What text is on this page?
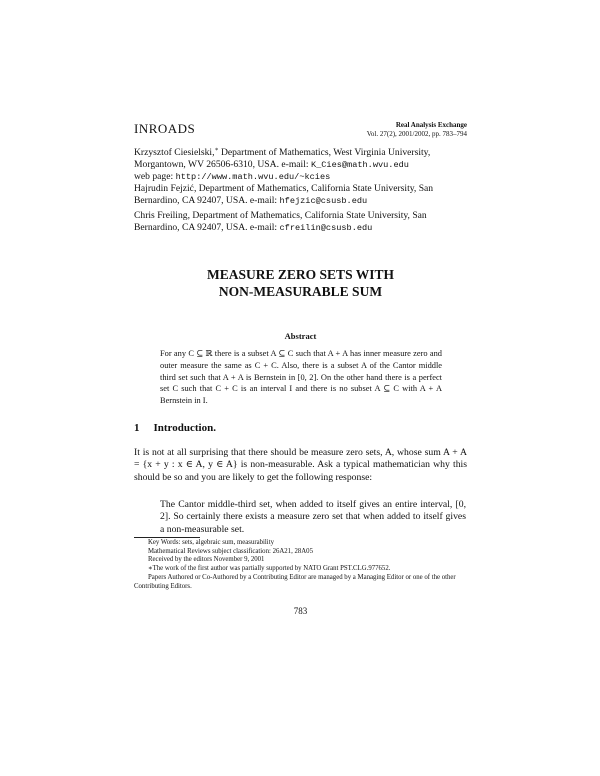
INROADS	Real Analysis Exchange
Vol. 27(2), 2001/2002, pp. 783–794
Krzysztof Ciesielski,∗ Department of Mathematics, West Virginia University, Morgantown, WV 26506-6310, USA. e-mail: K_Cies@math.wvu.edu
web page: http://www.math.wvu.edu/~kcies
Hajrudin Fejzić, Department of Mathematics, California State University, San Bernardino, CA 92407, USA. e-mail: hfejzic@csusb.edu
Chris Freiling, Department of Mathematics, California State University, San Bernardino, CA 92407, USA. e-mail: cfreilin@csusb.edu
MEASURE ZERO SETS WITH
NON-MEASURABLE SUM
Abstract
For any C ⊆ ℝ there is a subset A ⊆ C such that A + A has inner measure zero and outer measure the same as C + C. Also, there is a subset A of the Cantor middle third set such that A + A is Bernstein in [0, 2]. On the other hand there is a perfect set C such that C + C is an interval I and there is no subset A ⊆ C with A + A Bernstein in I.
1 Introduction.
It is not at all surprising that there should be measure zero sets, A, whose sum A + A = {x + y : x ∈ A, y ∈ A} is non-measurable. Ask a typical mathematician why this should be so and you are likely to get the following response:
The Cantor middle-third set, when added to itself gives an entire interval, [0, 2]. So certainly there exists a measure zero set that when added to itself gives a non-measurable set.
Key Words: sets, algebraic sum, measurability
Mathematical Reviews subject classification: 26A21, 28A05
Received by the editors November 9, 2001
∗The work of the first author was partially supported by NATO Grant PST.CLG.977652.
Papers Authored or Co-Authored by a Contributing Editor are managed by a Managing Editor or one of the other Contributing Editors.
783
